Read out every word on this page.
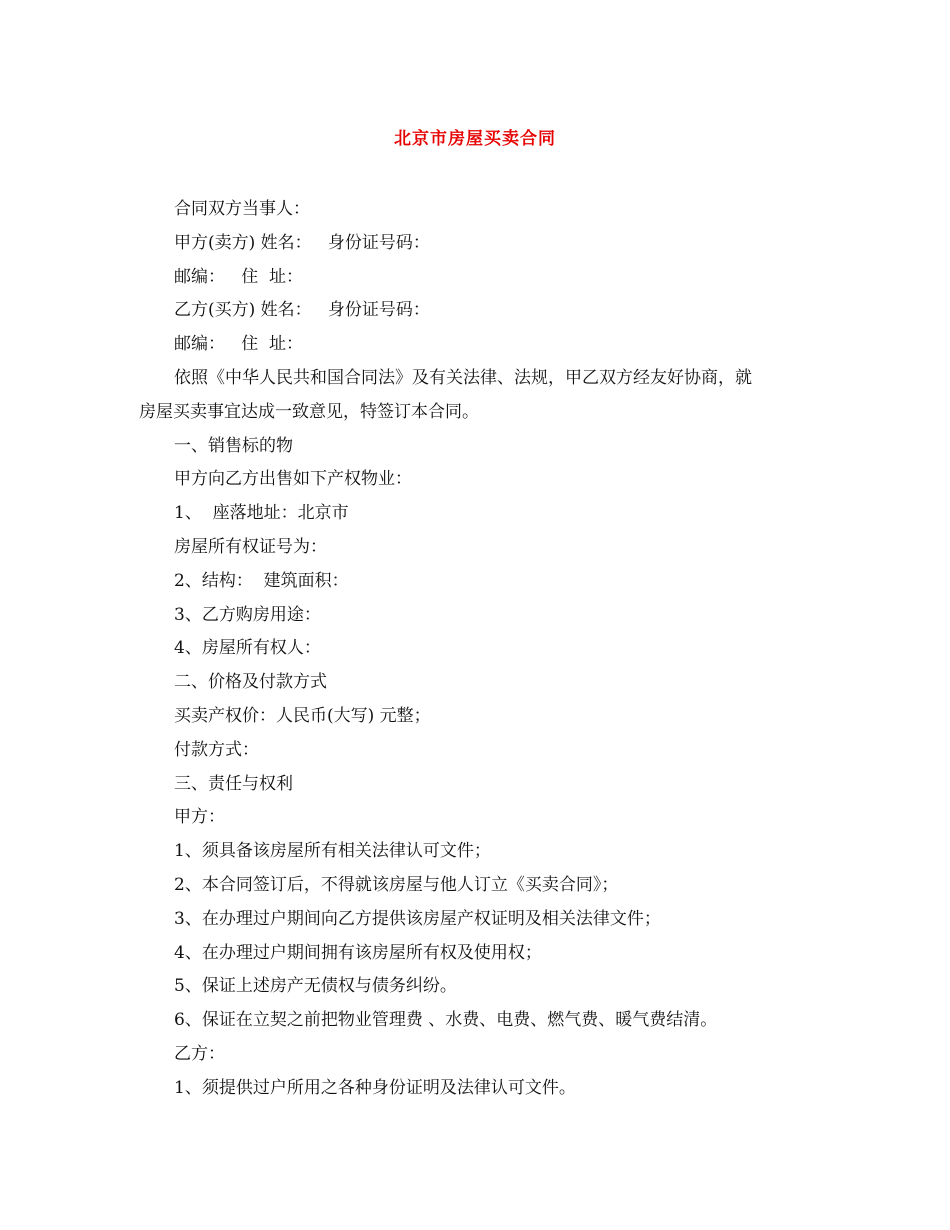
北京市房屋买卖合同

合同双方当事人：

甲方(卖方) 姓名：   身份证号码：

邮编：   住  址：

乙方(买方) 姓名：   身份证号码：

邮编：   住  址：

依照《中华人民共和国合同法》及有关法律、法规，甲乙双方经友好协商，就

房屋买卖事宜达成一致意见，特签订本合同。

一、销售标的物

甲方向乙方出售如下产权物业：

1、  座落地址：北京市

房屋所有权证号为：

2、结构：  建筑面积：

3、乙方购房用途：

4、房屋所有权人：

二、价格及付款方式

买卖产权价：人民币(大写) 元整；

付款方式：

三、责任与权利

甲方：

1、须具备该房屋所有相关法律认可文件；

2、本合同签订后，不得就该房屋与他人订立《买卖合同》；

3、在办理过户期间向乙方提供该房屋产权证明及相关法律文件；

4、在办理过户期间拥有该房屋所有权及使用权；

5、保证上述房产无债权与债务纠纷。

6、保证在立契之前把物业管理费 、水费、电费、燃气费、暖气费结清。

乙方：

1、须提供过户所用之各种身份证明及法律认可文件。
